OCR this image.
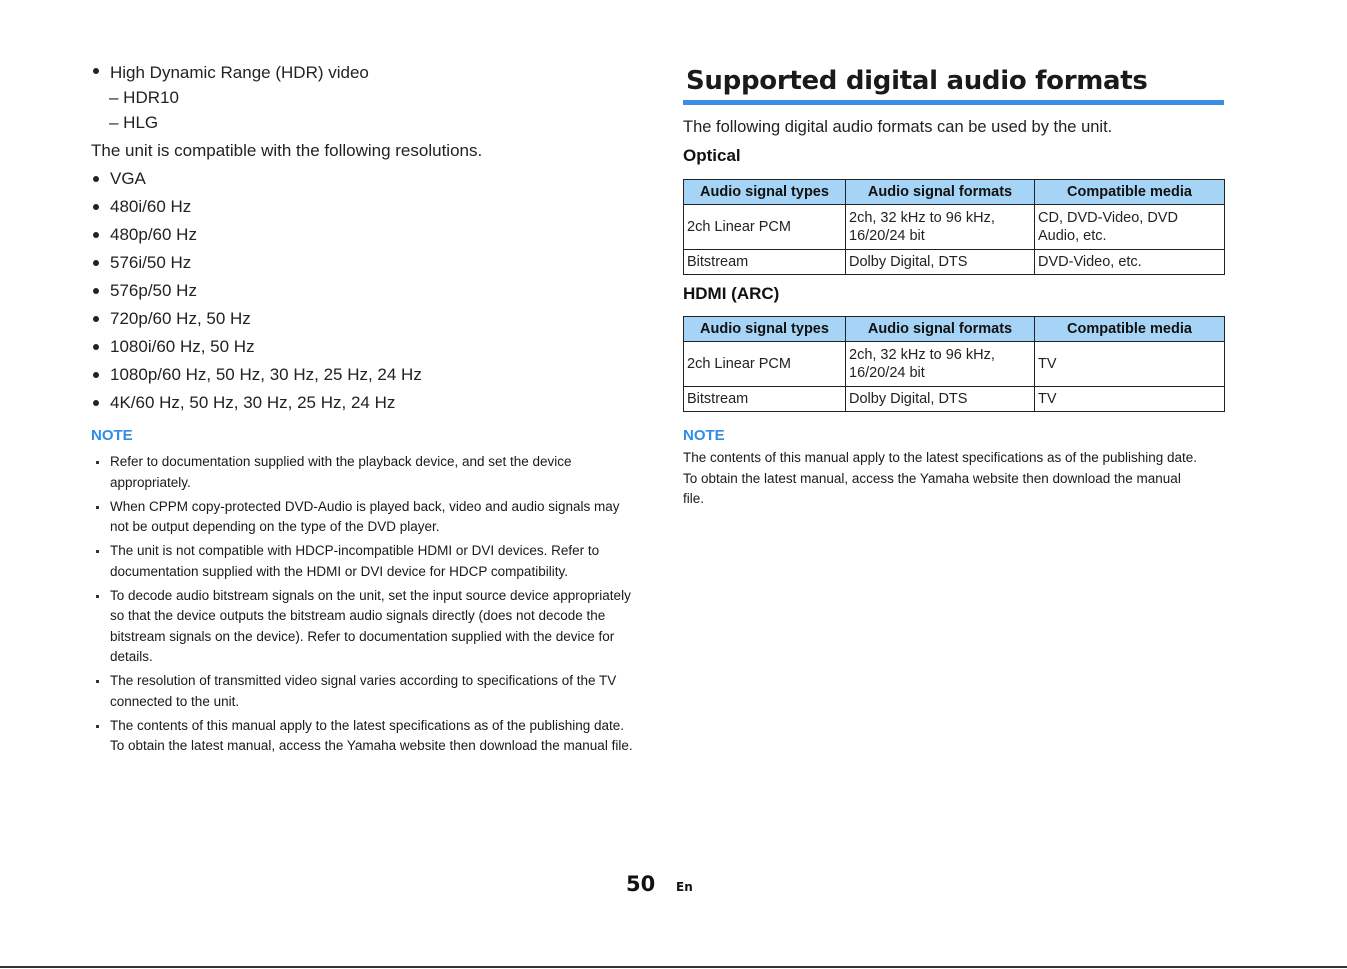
High Dynamic Range (HDR) video

– HDR10
– HLG

The unit is compatible with the following resolutions.

VGA

480i/60 Hz

480p/60 Hz

576i/50 Hz

576p/50 Hz

720p/60 Hz, 50 Hz

1080i/60 Hz, 50 Hz

1080p/60 Hz, 50 Hz, 30 Hz, 25 Hz, 24 Hz

4K/60 Hz, 50 Hz, 30 Hz, 25 Hz, 24 Hz

NOTE

Refer to documentation supplied with the playback device, and set the device appropriately.
When CPPM copy-protected DVD-Audio is played back, video and audio signals may not be output depending on the type of the DVD player.
The unit is not compatible with HDCP-incompatible HDMI or DVI devices. Refer to documentation supplied with the HDMI or DVI device for HDCP compatibility.
To decode audio bitstream signals on the unit, set the input source device appropriately so that the device outputs the bitstream audio signals directly (does not decode the bitstream signals on the device). Refer to documentation supplied with the device for details.
The resolution of transmitted video signal varies according to specifications of the TV connected to the unit.
The contents of this manual apply to the latest specifications as of the publishing date. To obtain the latest manual, access the Yamaha website then download the manual file.
Supported digital audio formats

The following digital audio formats can be used by the unit.

Optical

Audio signal types	Audio signal formats	Compatible media
2ch Linear PCM	2ch, 32 kHz to 96 kHz, 16/20/24 bit	CD, DVD-Video, DVD Audio, etc.
Bitstream	Dolby Digital, DTS	DVD-Video, etc.

HDMI (ARC)

Audio signal types	Audio signal formats	Compatible media
2ch Linear PCM	2ch, 32 kHz to 96 kHz, 16/20/24 bit	TV
Bitstream	Dolby Digital, DTS	TV

NOTE

The contents of this manual apply to the latest specifications as of the publishing date. To obtain the latest manual, access the Yamaha website then download the manual file.

50 En
